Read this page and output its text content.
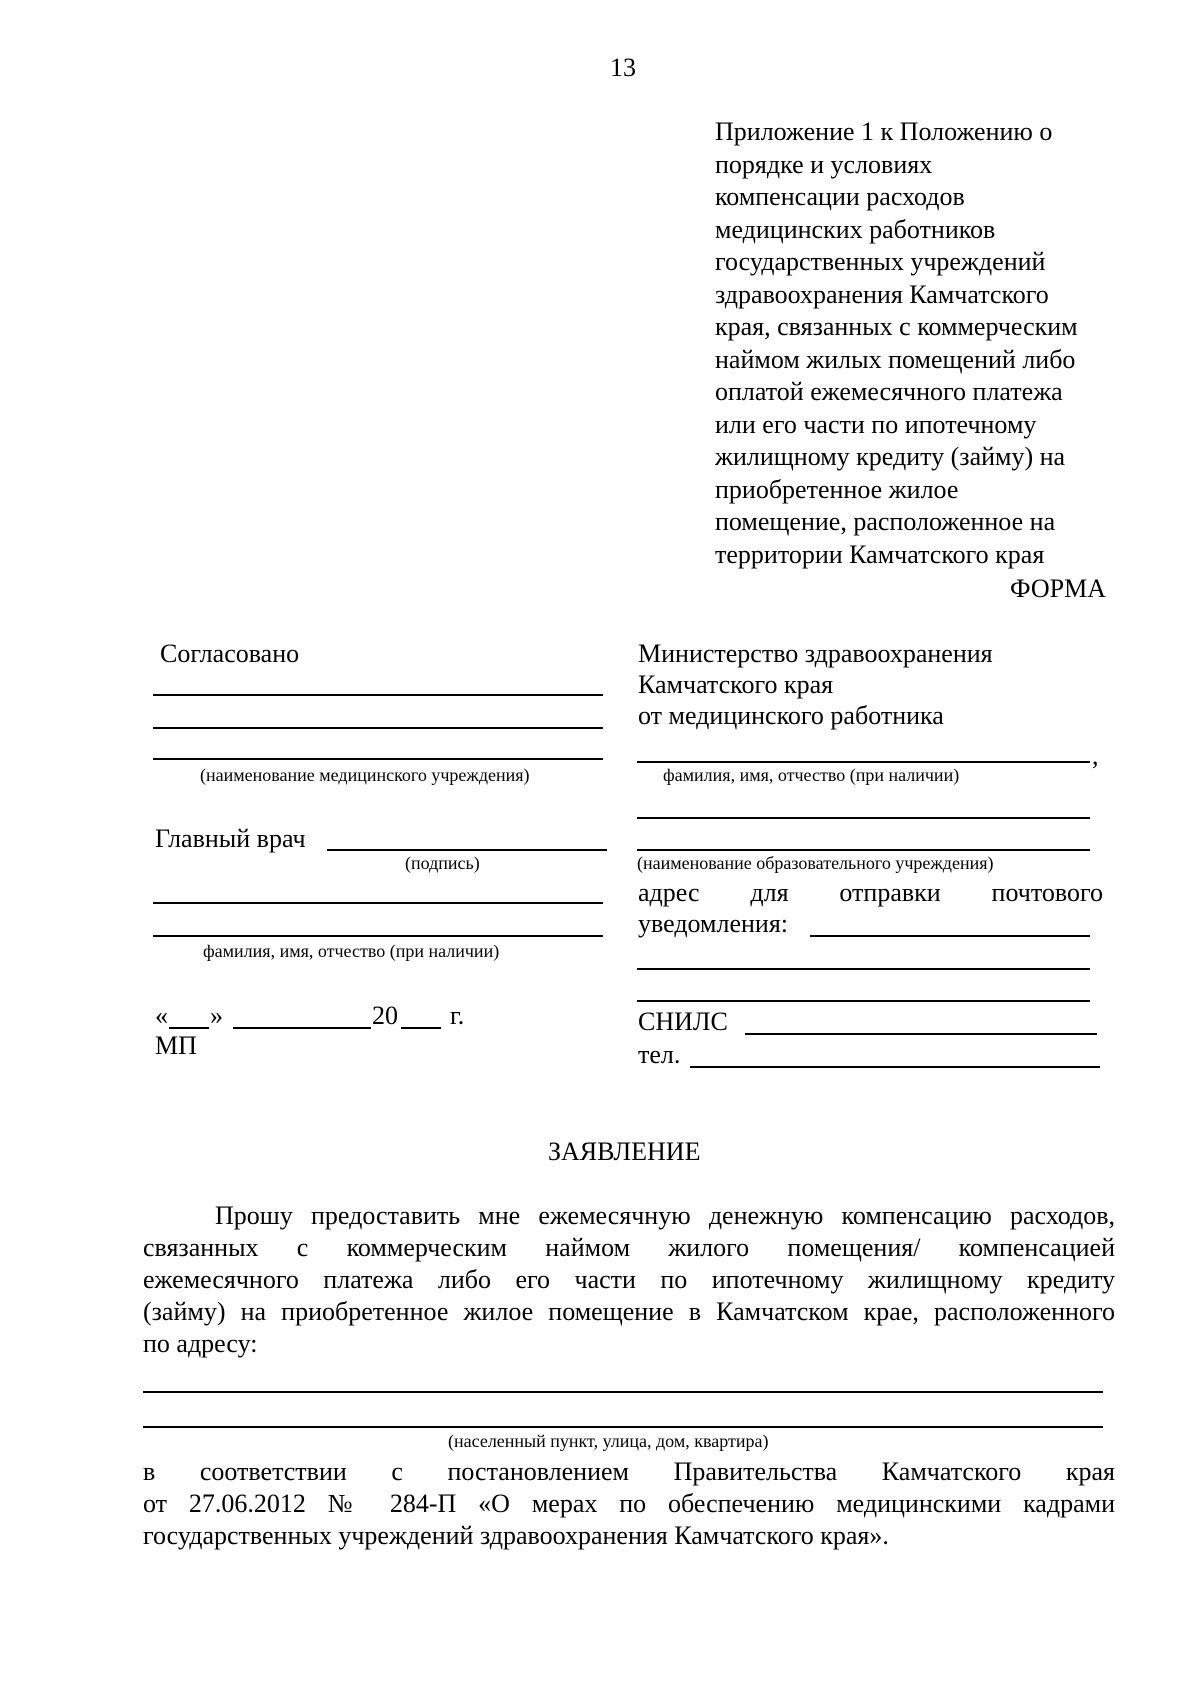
13
Приложение 1 к Положению о
порядке и условиях
компенсации расходов
медицинских работников
государственных учреждений
здравоохранения Камчатского
края, связанных с коммерческим
наймом жилых помещений либо
оплатой ежемесячного платежа
или его части по ипотечному
жилищному кредиту (займу) на
приобретенное жилое
помещение, расположенное на
территории Камчатского края
ФОРМА
Согласовано
(наименование медицинского учреждения)
Главный врач
(подпись)
фамилия, имя, отчество (при наличии)
« »	20 г.
МП
Министерство здравоохранения
Камчатского края
от медицинского работника
,
фамилия, имя, отчество (при наличии)
(наименование образовательного учреждения)
адрес для отправки почтового
уведомления:
СНИЛС
тел.
ЗАЯВЛЕНИЕ
Прошу предоставить мне ежемесячную денежную компенсацию расходов,
связанных с коммерческим наймом жилого помещения/ компенсацией
ежемесячного платежа либо его части по ипотечному жилищному кредиту
(займу) на приобретенное жилое помещение в Камчатском крае, расположенного
по адресу:
(населенный пункт, улица, дом, квартира)
в соответствии с постановлением Правительства Камчатского края
от 27.06.2012 № 284-П «О мерах по обеспечению медицинскими кадрами
государственных учреждений здравоохранения Камчатского края».
